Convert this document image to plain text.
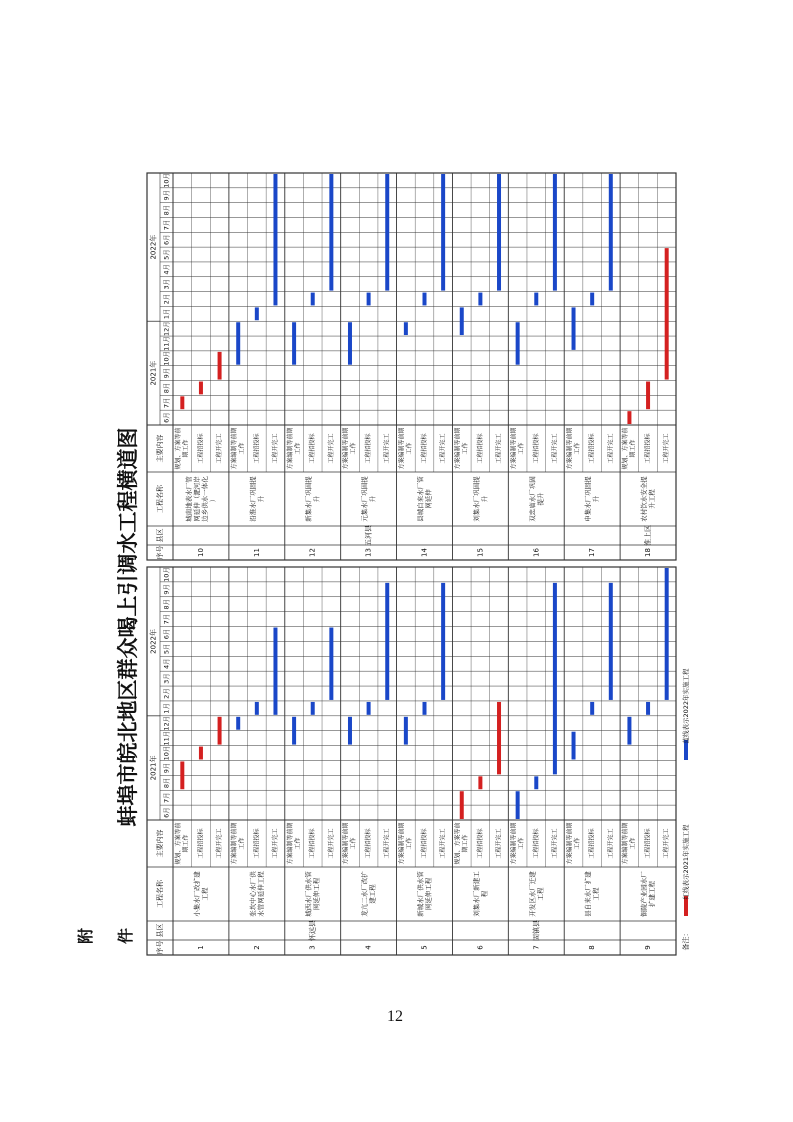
附 件
蚌埠市皖北地区群众喝上引调水工程横道图
序号
县区
工程名称
主要内容
2021年
2022年
6月
7月
8月
9月
10月
11月
12月
1月
2月
3月
4月
5月
6月
7月
8月
9月
10月
1
小集水厂改扩建 工程
规划、方案等前 期工作 工程招投标 工程开完工
2
张坎中心水厂供 水管网延伸工程
方案编制等前期 工作 工程招投标 工程开完工
3
怀远县
城西水厂供水管 网延伸工程
方案编制等前期 工作 工程招投标 工程开完工
4
龙亢二水厂改扩 建工程
方案编制等前期 工作 工程招投标 工程开完工
5
新城水厂供水管 网延伸工程
方案编制等前期 工作 工程招投标 工程开完工
6
刘集水厂新建工 程
规划、方案等前 期工作 工程招投标 工程开完工
7
固镇县
开发区水厂迁建 工程
方案编制等前期 工作 工程招投标 工程开完工
8
县自来水厂扩建 工程
方案编制等前期 工作 工程招投标 工程开完工
9
铜陵产业园水厂 扩建工程
方案编制等前期 工作 工程招投标 工程开完工
序号
县区
工程名称
主要内容
2021年
2022年
6月
7月
8月
9月
10月
11月
12月
1月
2月
3月
4月
5月
6月
7月
8月
9月
10月
10
城南地表水厂管 网延伸（淝河岸 边乡供水一体化 ）
规划、方案等前 期工作 工程招投标 工程开完工
11
沿淮水厂巩固提 升
方案编制等前期 工作 工程招投标 工程开完工
12
新集水厂巩固提 升
方案编制等前期 工作 工程招投标 工程开完工
13
五河县
元集水厂巩固提 升
方案编制等前期 工作 工程招投标 工程开完工
14
县城自来水厂管 网延伸
方案编制等前期 工作 工程招投标 工程开完工
15
刘集水厂巩固提 升
方案编制等前期 工作 工程招投标 工程开完工
16
双忠庙水厂巩固 提升
方案编制等前期 工作 工程招投标 工程开完工
17
申集水厂巩固提 升
方案编制等前期 工作 工程招投标 工程开完工
18
淮上区
农村饮水安全提 升工程
规划、方案等前 期工作 工程招投标 工程开完工
备注：
红线表示2021年实施工程
蓝线表示2022年实施工程
12
